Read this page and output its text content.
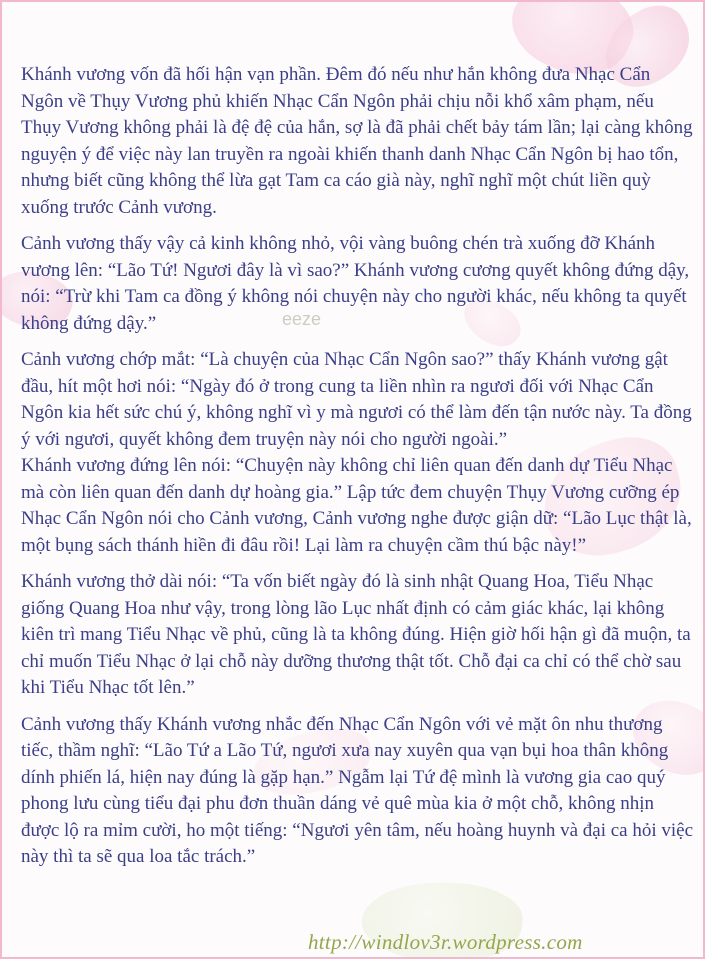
eeze

Khánh vương vốn đã hối hận vạn phần. Đêm đó nếu như hắn không đưa Nhạc Cẩn Ngôn về Thụy Vương phủ khiến Nhạc Cẩn Ngôn phải chịu nỗi khổ xâm phạm, nếu Thụy Vương không phải là đệ đệ của hắn, sợ là đã phải chết bảy tám lần; lại càng không nguyện ý để việc này lan truyền ra ngoài khiến thanh danh Nhạc Cẩn Ngôn bị hao tổn, nhưng biết cũng không thể lừa gạt Tam ca cáo già này, nghĩ nghĩ một chút liền quỳ xuống trước Cảnh vương.

Cảnh vương thấy vậy cả kinh không nhỏ, vội vàng buông chén trà xuống đỡ Khánh vương lên: “Lão Tứ! Ngươi đây là vì sao?” Khánh vương cương quyết không đứng dậy, nói: “Trừ khi Tam ca đồng ý không nói chuyện này cho người khác, nếu không ta quyết không đứng dậy.”

Cảnh vương chớp mắt: “Là chuyện của Nhạc Cẩn Ngôn sao?” thấy Khánh vương gật đầu, hít một hơi nói: “Ngày đó ở trong cung ta liền nhìn ra ngươi đối với Nhạc Cẩn Ngôn kia hết sức chú ý, không nghĩ vì y mà ngươi có thể làm đến tận nước này. Ta đồng ý với ngươi, quyết không đem truyện này nói cho người ngoài.”

Khánh vương đứng lên nói: “Chuyện này không chỉ liên quan đến danh dự Tiểu Nhạc mà còn liên quan đến danh dự hoàng gia.” Lập tức đem chuyện Thụy Vương cưỡng ép Nhạc Cẩn Ngôn nói cho Cảnh vương, Cảnh vương nghe được giận dữ: “Lão Lục thật là, một bụng sách thánh hiền đi đâu rồi! Lại làm ra chuyện cầm thú bậc này!”

Khánh vương thở dài nói: “Ta vốn biết ngày đó là sinh nhật Quang Hoa, Tiểu Nhạc giống Quang Hoa như vậy, trong lòng lão Lục nhất định có cảm giác khác, lại không kiên trì mang Tiểu Nhạc về phủ, cũng là ta không đúng. Hiện giờ hối hận gì đã muộn, ta chỉ muốn Tiểu Nhạc ở lại chỗ này dưỡng thương thật tốt. Chỗ đại ca chỉ có thể chờ sau khi Tiểu Nhạc tốt lên.”

Cảnh vương thấy Khánh vương nhắc đến Nhạc Cẩn Ngôn với vẻ mặt ôn nhu thương tiếc, thầm nghĩ: “Lão Tứ a Lão Tứ, ngươi xưa nay xuyên qua vạn bụi hoa thân không dính phiến lá, hiện nay đúng là gặp hạn.” Ngẫm lại Tứ đệ mình là vương gia cao quý phong lưu cùng tiểu đại phu đơn thuần dáng vẻ quê mùa kia ở một chỗ, không nhịn được lộ ra mỉm cười, ho một tiếng: “Ngươi yên tâm, nếu hoàng huynh và đại ca hỏi việc này thì ta sẽ qua loa tắc trách.”

http://windlov3r.wordpress.com
